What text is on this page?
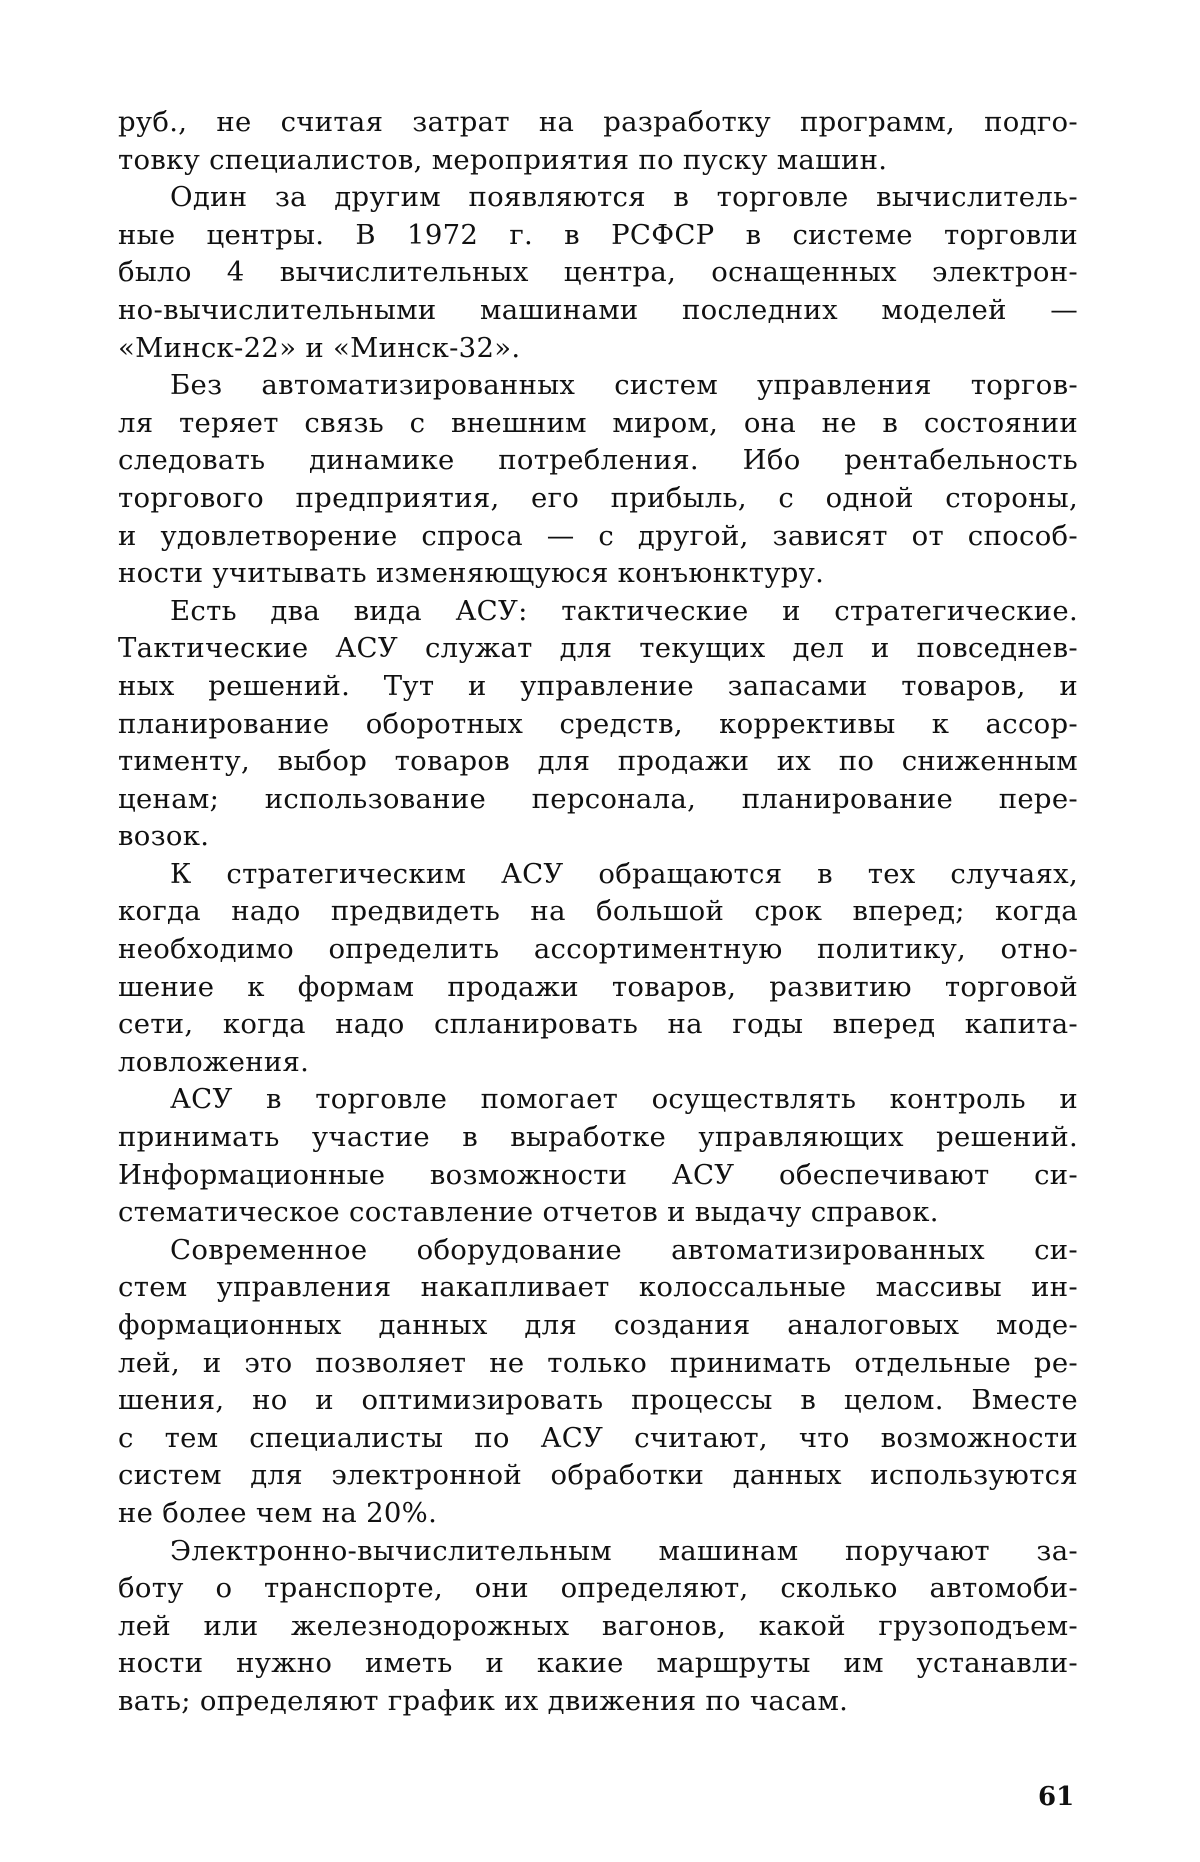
руб., не считая затрат на разработку программ, подго-
товку специалистов, мероприятия по пуску машин.
Один за другим появляются в торговле вычислитель-
ные центры. В 1972 г. в РСФСР в системе торговли
было 4 вычислительных центра, оснащенных электрон-
но-вычислительными машинами последних моделей —
«Минск-22» и «Минск-32».
Без автоматизированных систем управления торгов-
ля теряет связь с внешним миром, она не в состоянии
следовать динамике потребления. Ибо рентабельность
торгового предприятия, его прибыль, с одной стороны,
и удовлетворение спроса — с другой, зависят от способ-
ности учитывать изменяющуюся конъюнктуру.
Есть два вида АСУ: тактические и стратегические.
Тактические АСУ служат для текущих дел и повседнев-
ных решений. Тут и управление запасами товаров, и
планирование оборотных средств, коррективы к ассор-
тименту, выбор товаров для продажи их по сниженным
ценам; использование персонала, планирование пере-
возок.
К стратегическим АСУ обращаются в тех случаях,
когда надо предвидеть на большой срок вперед; когда
необходимо определить ассортиментную политику, отно-
шение к формам продажи товаров, развитию торговой
сети, когда надо спланировать на годы вперед капита-
ловложения.
АСУ в торговле помогает осуществлять контроль и
принимать участие в выработке управляющих решений.
Информационные возможности АСУ обеспечивают си-
стематическое составление отчетов и выдачу справок.
Современное оборудование автоматизированных си-
стем управления накапливает колоссальные массивы ин-
формационных данных для создания аналоговых моде-
лей, и это позволяет не только принимать отдельные ре-
шения, но и оптимизировать процессы в целом. Вместе
с тем специалисты по АСУ считают, что возможности
систем для электронной обработки данных используются
не более чем на 20%.
Электронно-вычислительным машинам поручают за-
боту о транспорте, они определяют, сколько автомоби-
лей или железнодорожных вагонов, какой грузоподъем-
ности нужно иметь и какие маршруты им устанавли-
вать; определяют график их движения по часам.
61
